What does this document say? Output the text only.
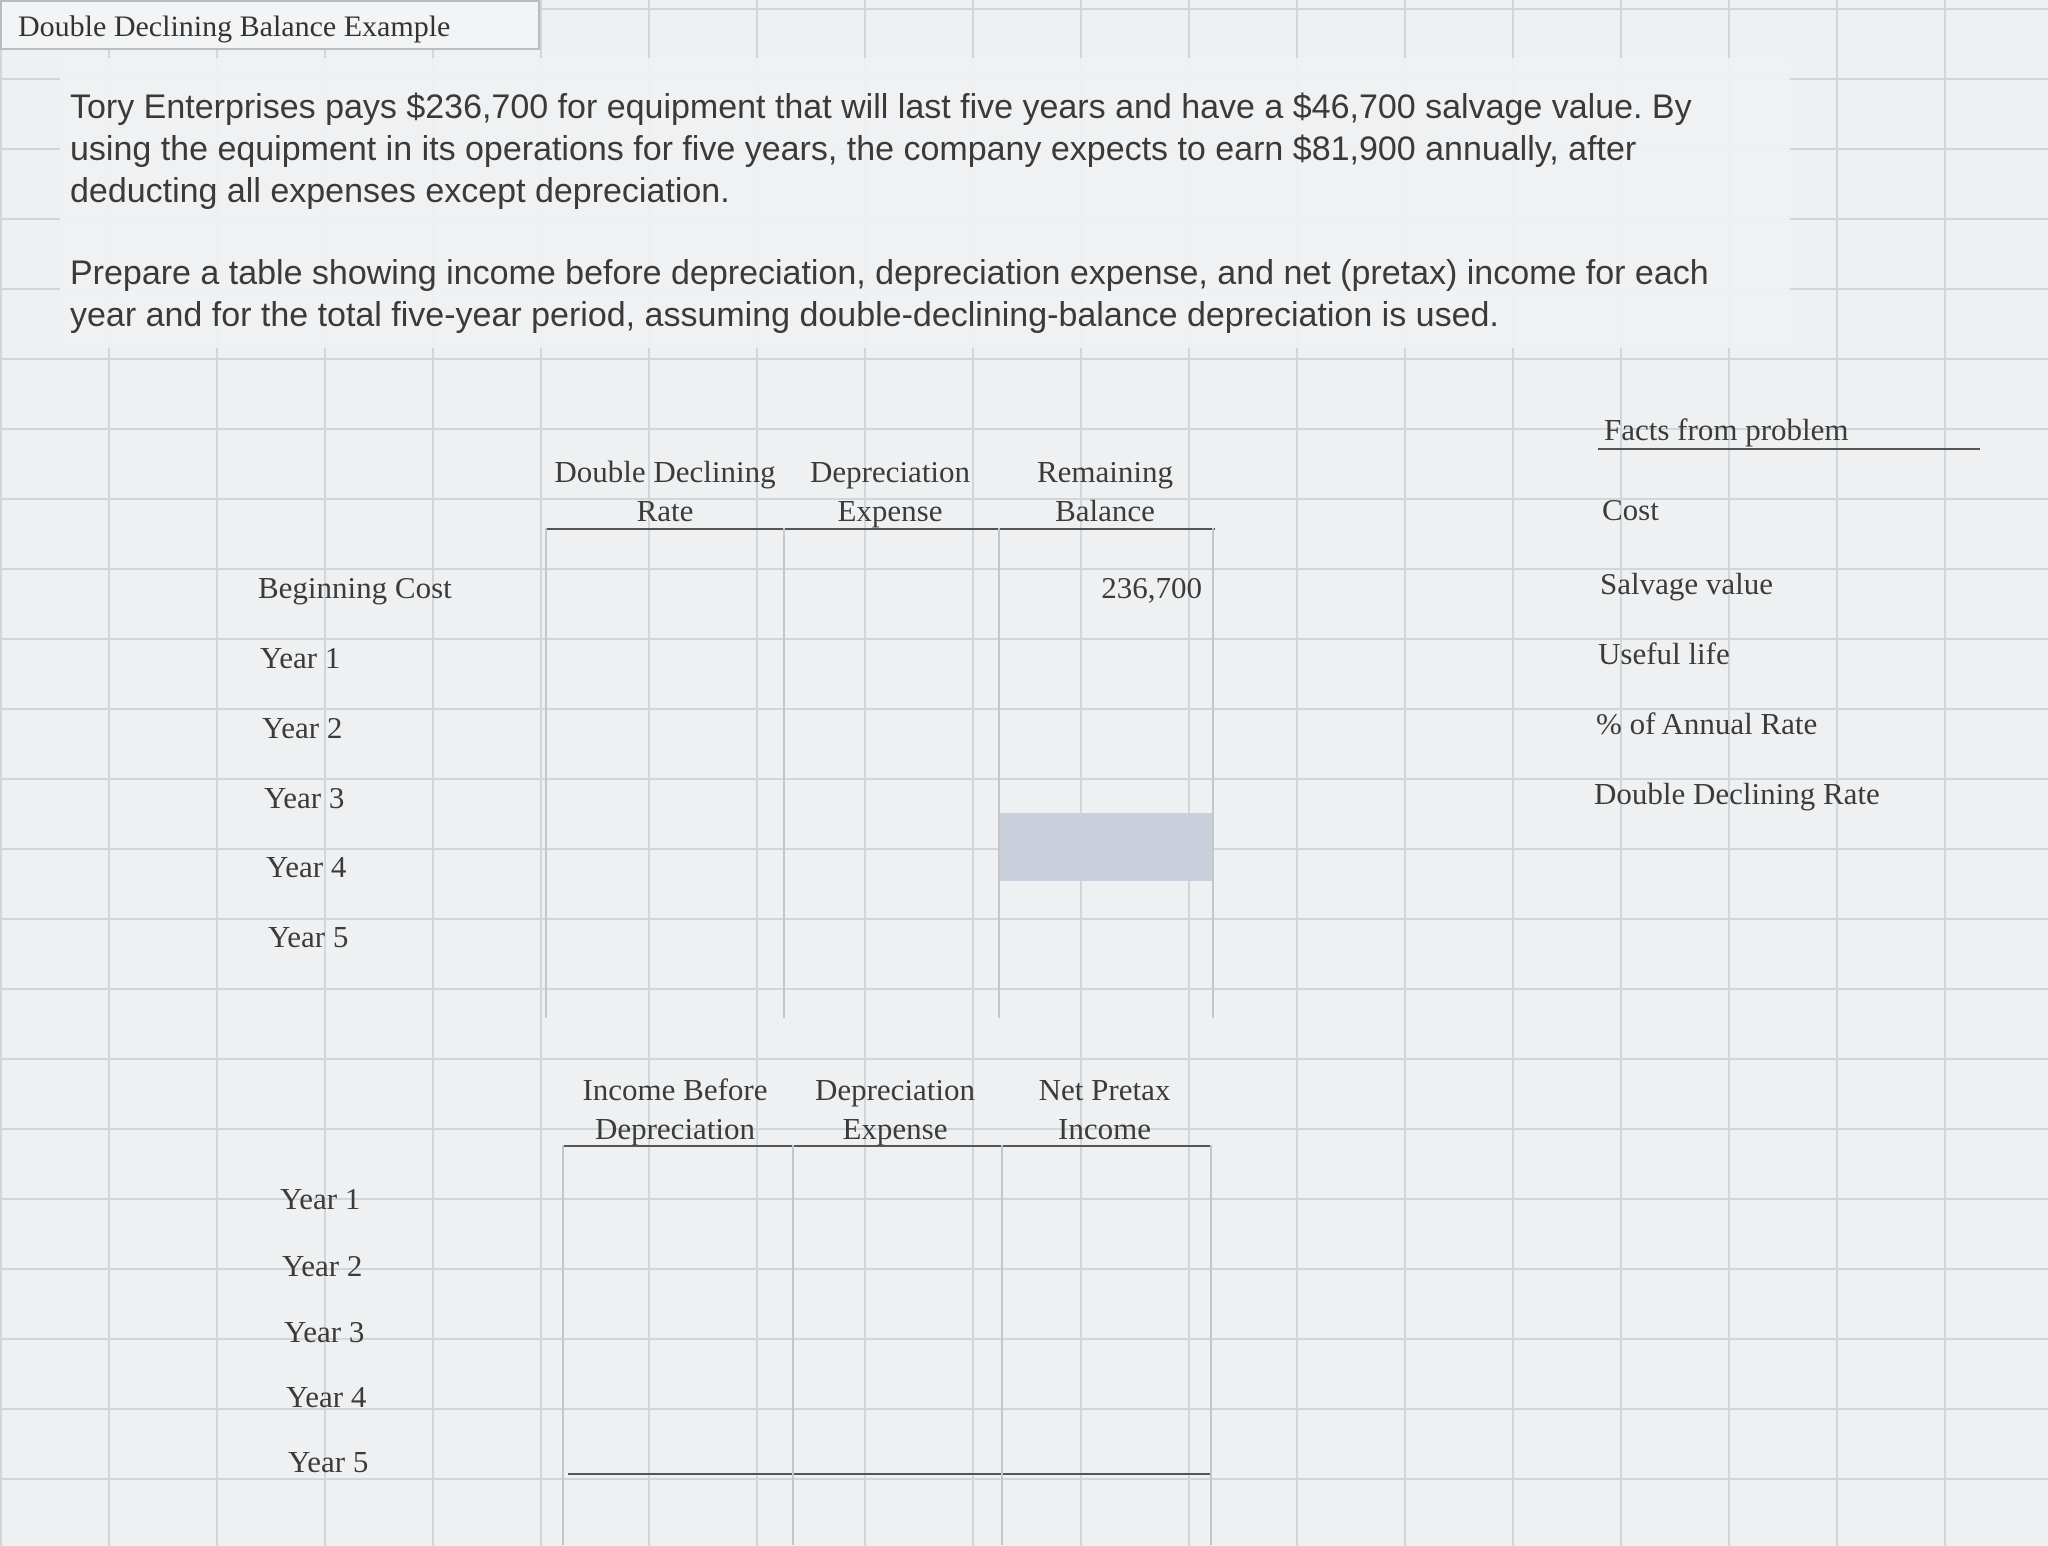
Double Declining Balance Example

Tory Enterprises pays $236,700 for equipment that will last five years and have a $46,700 salvage value. By using the equipment in its operations for five years, the company expects to earn $81,900 annually, after deducting all expenses except depreciation.

Prepare a table showing income before depreciation, depreciation expense, and net (pretax) income for each year and for the total five-year period, assuming double-declining-balance depreciation is used.

Double Declining
Rate
Depreciation
Expense
Remaining
Balance
Beginning Cost	236,700
Year 1
Year 2
Year 3
Year 4
Year 5
Income Before
Depreciation
Depreciation
Expense
Net Pretax
Income
Year 1
Year 2
Year 3
Year 4
Year 5
Facts from problem
Cost
Salvage value
Useful life
% of Annual Rate
Double Declining Rate
